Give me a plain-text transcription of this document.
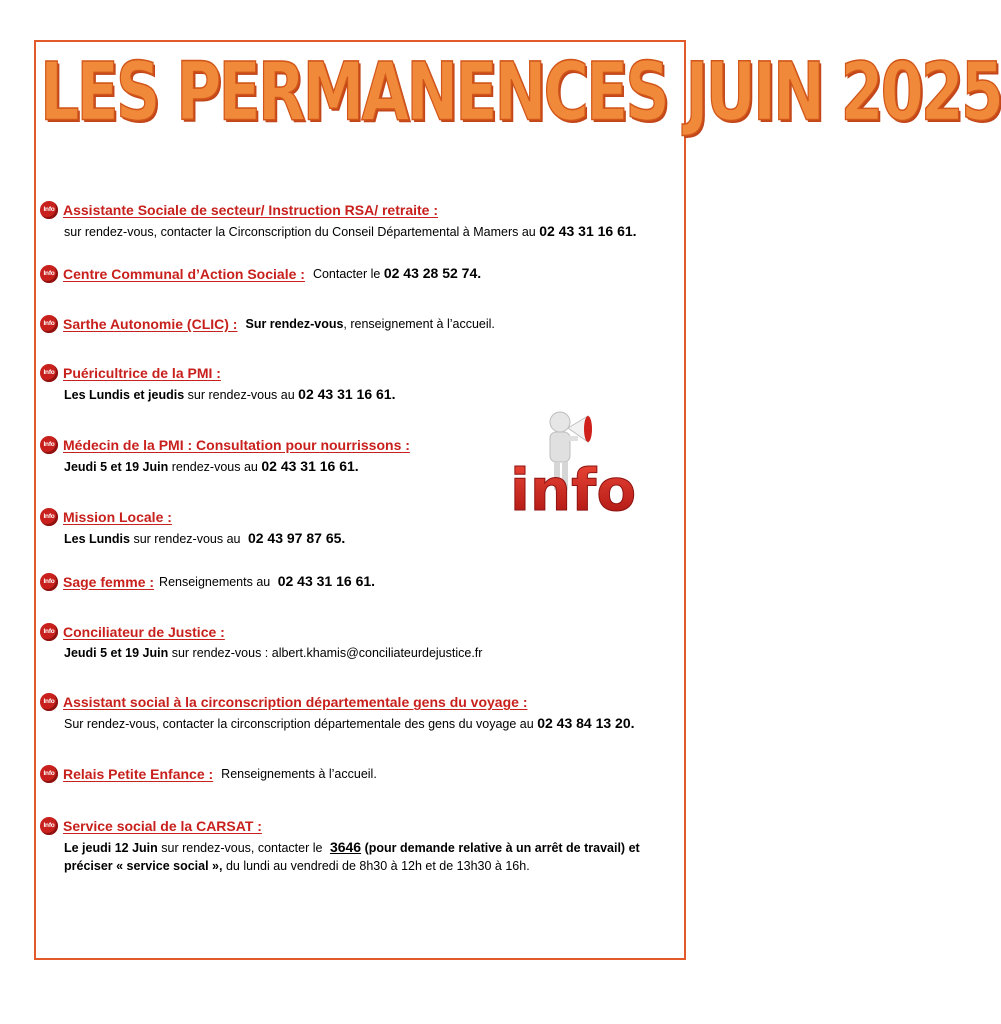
LES PERMANENCES JUIN 2025
Info Assistante Sociale de secteur/ Instruction RSA/ retraite :
sur rendez-vous, contacter la Circonscription du Conseil Départemental à Mamers au 02 43 31 16 61.
Info Centre Communal d’Action Sociale : Contacter le 02 43 28 52 74.
Info Sarthe Autonomie (CLIC) : Sur rendez-vous, renseignement à l’accueil.
Info Puéricultrice de la PMI :
Les Lundis et jeudis sur rendez-vous au 02 43 31 16 61.
Info Médecin de la PMI : Consultation pour nourrissons :
Jeudi 5 et 19 Juin rendez-vous au 02 43 31 16 61.
Info Mission Locale :
Les Lundis sur rendez-vous au 02 43 97 87 65.
Info Sage femme : Renseignements au 02 43 31 16 61.
Info Conciliateur de Justice :
Jeudi 5 et 19 Juin sur rendez-vous : albert.khamis@conciliateurdejustice.fr
Info Assistant social à la circonscription départementale gens du voyage :
Sur rendez-vous, contacter la circonscription départementale des gens du voyage au 02 43 84 13 20.
Info Relais Petite Enfance : Renseignements à l’accueil.
Info Service social de la CARSAT :
Le jeudi 12 Juin sur rendez-vous, contacter le 3646 (pour demande relative à un arrêt de travail) et préciser « service social », du lundi au vendredi de 8h30 à 12h et de 13h30 à 16h.
info
